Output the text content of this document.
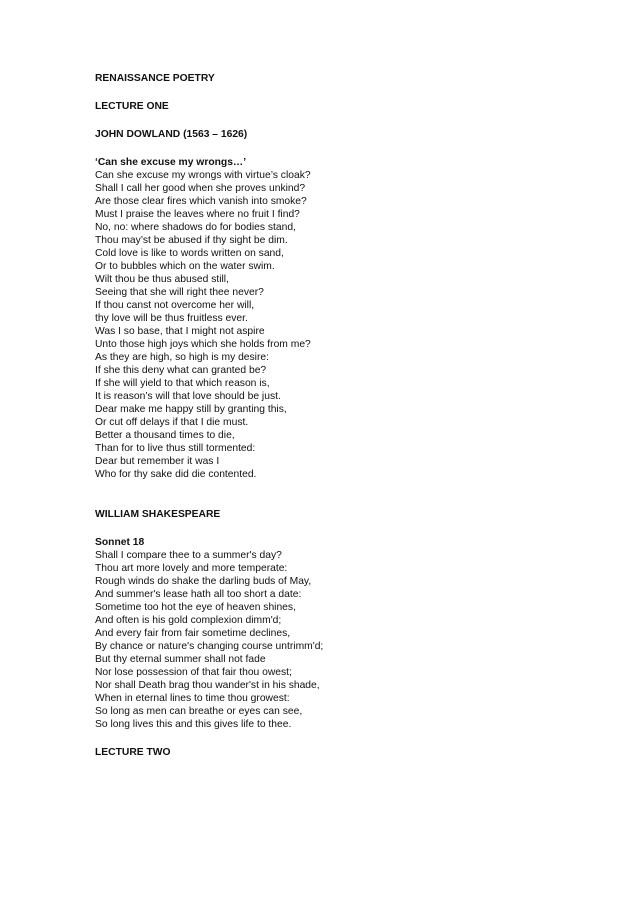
RENAISSANCE POETRY

LECTURE ONE

JOHN DOWLAND (1563 – 1626)

‘Can she excuse my wrongs…’

Can she excuse my wrongs with virtue’s cloak?
Shall I call her good when she proves unkind?
Are those clear fires which vanish into smoke?
Must I praise the leaves where no fruit I find?

No, no: where shadows do for bodies stand,
Thou may’st be abused if thy sight be dim.
Cold love is like to words written on sand,
Or to bubbles which on the water swim.

Wilt thou be thus abused still,
Seeing that she will right thee never?
If thou canst not overcome her will,
thy love will be thus fruitless ever.

Was I so base, that I might not aspire
Unto those high joys which she holds from me?
As they are high, so high is my desire:
If she this deny what can granted be?

If she will yield to that which reason is,
It is reason’s will that love should be just.
Dear make me happy still by granting this,
Or cut off delays if that I die must.

Better a thousand times to die,
Than for to live thus still tormented:
Dear but remember it was I
Who for thy sake did die contented.

WILLIAM SHAKESPEARE

Sonnet 18

Shall I compare thee to a summer's day?
Thou art more lovely and more temperate:
Rough winds do shake the darling buds of May,
And summer's lease hath all too short a date:
Sometime too hot the eye of heaven shines,
And often is his gold complexion dimm'd;
And every fair from fair sometime declines,
By chance or nature's changing course untrimm'd;
But thy eternal summer shall not fade
Nor lose possession of that fair thou owest;
Nor shall Death brag thou wander'st in his shade,
When in eternal lines to time thou growest:
So long as men can breathe or eyes can see,
So long lives this and this gives life to thee.

LECTURE TWO
